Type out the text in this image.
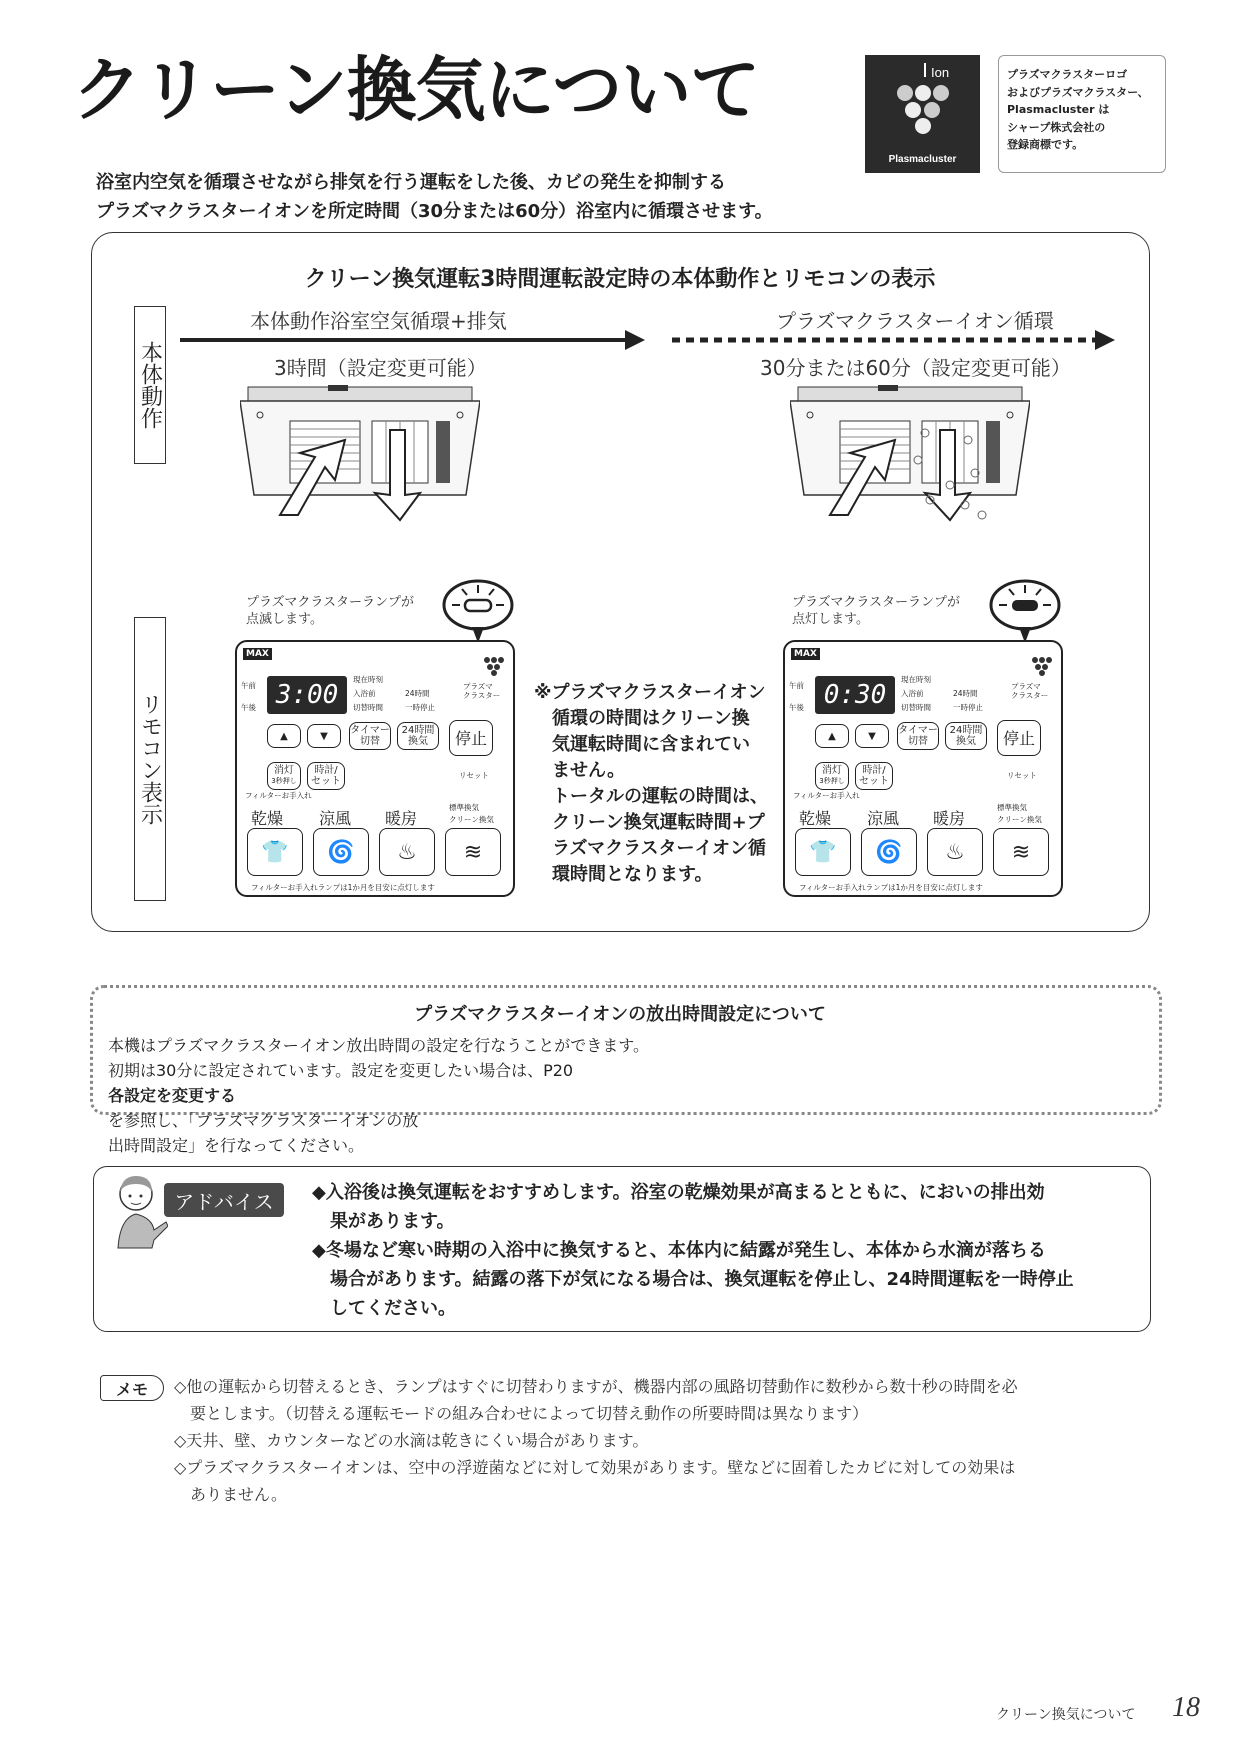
クリーン換気について	Ion
Plasmacluster
プラズマクラスターロゴ
およびプラズマクラスター、
Plasmacluster は
シャープ株式会社の
登録商標です。
浴室内空気を循環させながら排気を行う運転をした後、カビの発生を抑制する
プラズマクラスターイオンを所定時間（30分または60分）浴室内に循環させます。
クリーン換気運転3時間運転設定時の本体動作とリモコンの表示
本体動作
リモコン表示
本体動作浴室空気循環+排気
3時間（設定変更可能）
プラズマクラスターイオン循環
30分または60分（設定変更可能）
プラズマクラスターランプが
点滅します。
プラズマクラスターランプが
点灯します。
MAX
午前
午後 3:00
現在時刻
入浴前
切替時間
24時間
一時停止
プラズマ
クラスター
▲	▼	タイマー
切替
24時間
換気	停止
消灯
3秒押し
時計/
セット
リセット
フィルターお手入れ
乾燥 涼風 暖房
標準換気
クリーン換気
👕 🌀 ♨ ≋
フィルターお手入れランプは1か月を目安に点灯します
MAX
午前
午後 0:30
現在時刻
入浴前
切替時間
24時間
一時停止
プラズマ
クラスター
▲	▼	タイマー
切替
24時間
換気	停止
消灯
3秒押し
時計/
セット
リセット
フィルターお手入れ
乾燥 涼風 暖房
標準換気
クリーン換気
👕 🌀 ♨ ≋
フィルターお手入れランプは1か月を目安に点灯します
※プラズマクラスターイオン
　循環の時間はクリーン換
　気運転時間に含まれてい
　ません。
　トータルの運転の時間は、
　クリーン換気運転時間+プ
　ラズマクラスターイオン循
　環時間となります。
プラズマクラスターイオンの放出時間設定について
本機はプラズマクラスターイオン放出時間の設定を行なうことができます。
初期は30分に設定されています。設定を変更したい場合は、P20
各設定を変更する
を参照し、「プラズマクラスターイオンの放
出時間設定」を行なってください。
アドバイス	◆入浴後は換気運転をおすすめします。浴室の乾燥効果が高まるとともに、においの排出効
　果があります。
◆冬場など寒い時期の入浴中に換気すると、本体内に結露が発生し、本体から水滴が落ちる
　場合があります。結露の落下が気になる場合は、換気運転を停止し、24時間運転を一時停止
　してください。
メモ	◇他の運転から切替えるとき、ランプはすぐに切替わりますが、機器内部の風路切替動作に数秒から数十秒の時間を必
　要とします。（切替える運転モードの組み合わせによって切替え動作の所要時間は異なります）
◇天井、壁、カウンターなどの水滴は乾きにくい場合があります。
◇プラズマクラスターイオンは、空中の浮遊菌などに対して効果があります。壁などに固着したカビに対しての効果は
　ありません。
クリーン換気について 18
